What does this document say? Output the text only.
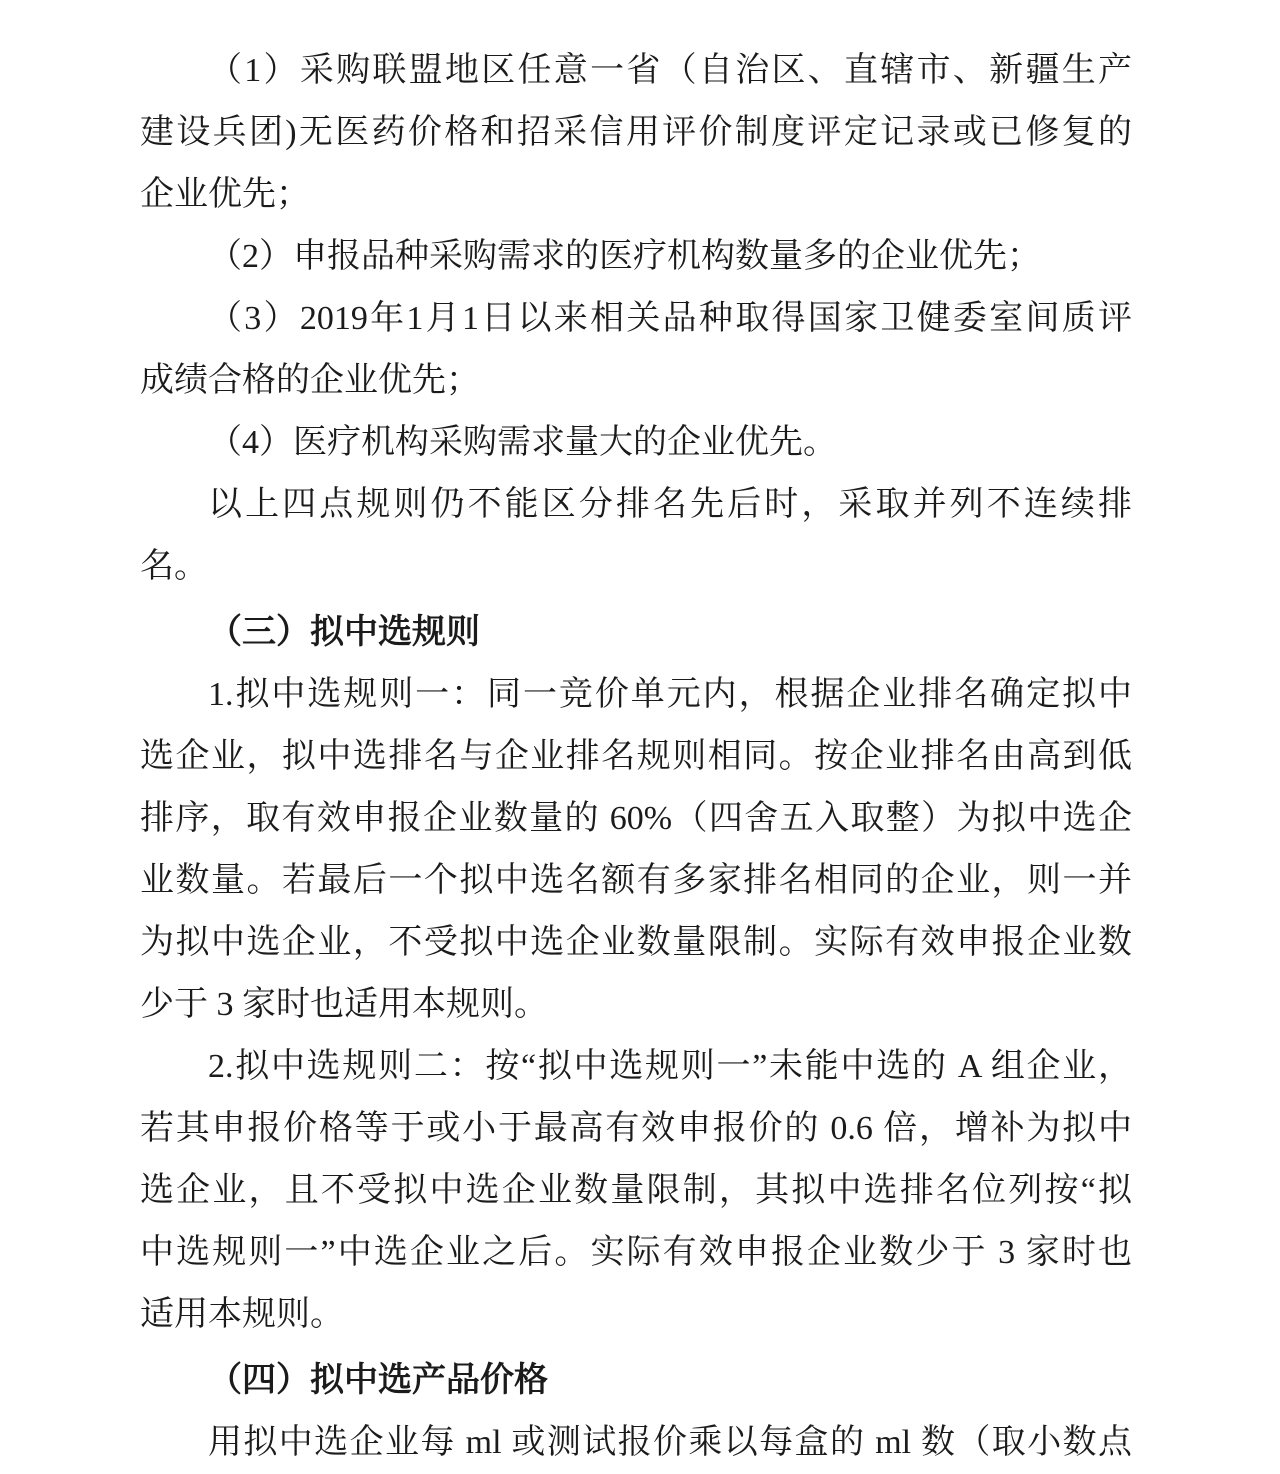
（1）采购联盟地区任意一省（自治区、直辖市、新疆生产
建设兵团)无医药价格和招采信用评价制度评定记录或已修复的
企业优先；
（2）申报品种采购需求的医疗机构数量多的企业优先；
（3）2019年1月1日以来相关品种取得国家卫健委室间质评
成绩合格的企业优先；
（4）医疗机构采购需求量大的企业优先。
以上四点规则仍不能区分排名先后时，采取并列不连续排
名。
（三）拟中选规则
1.拟中选规则一：同一竞价单元内，根据企业排名确定拟中
选企业，拟中选排名与企业排名规则相同。按企业排名由高到低
排序，取有效申报企业数量的 60%（四舍五入取整）为拟中选企
业数量。若最后一个拟中选名额有多家排名相同的企业，则一并
为拟中选企业，不受拟中选企业数量限制。实际有效申报企业数
少于 3 家时也适用本规则。
2.拟中选规则二：按“拟中选规则一”未能中选的 A 组企业，
若其申报价格等于或小于最高有效申报价的 0.6 倍，增补为拟中
选企业，且不受拟中选企业数量限制，其拟中选排名位列按“拟
中选规则一”中选企业之后。实际有效申报企业数少于 3 家时也
适用本规则。
（四）拟中选产品价格
用拟中选企业每 ml 或测试报价乘以每盒的 ml 数（取小数点
